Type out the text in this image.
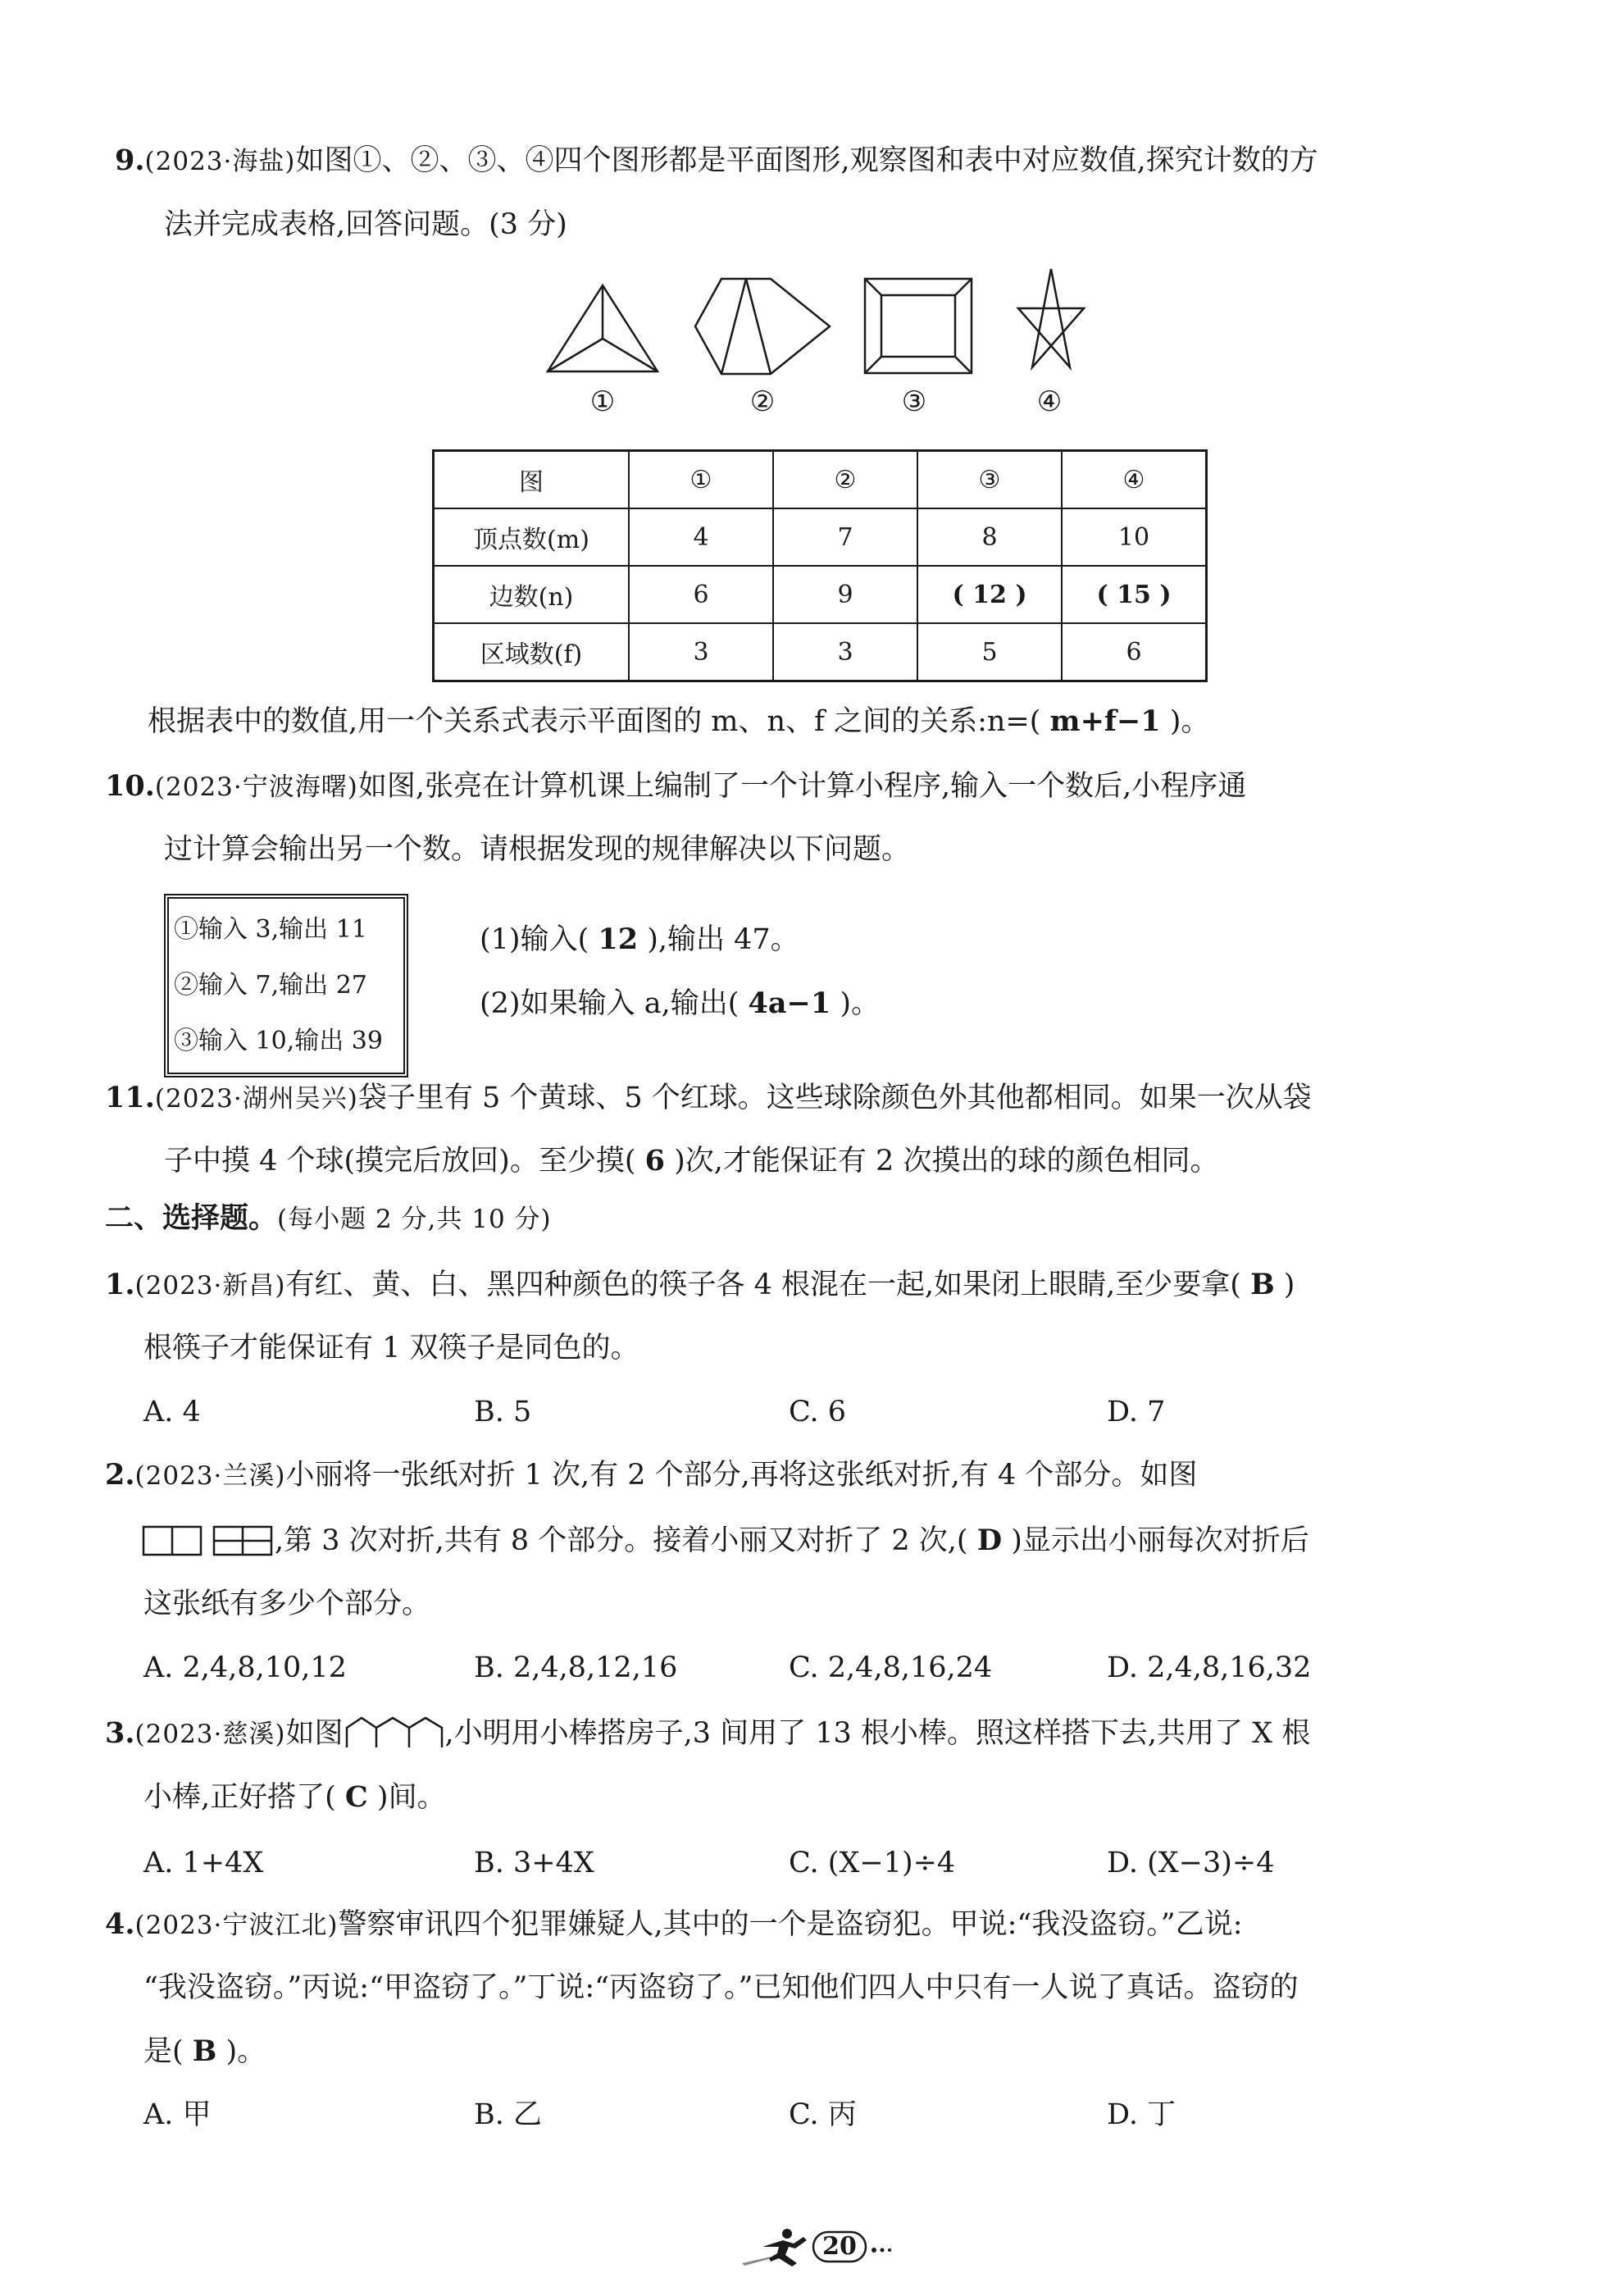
9.(2023·海盐)如图①、②、③、④四个图形都是平面图形,观察图和表中对应数值,探究计数的方
法并完成表格,回答问题。(3 分)
①	②	③	④
图	①	②	③	④
顶点数(m)	4	7	8	10
边数(n)	6	9	( 12 )	( 15 )
区域数(f)	3	3	5	6
根据表中的数值,用一个关系式表示平面图的 m、n、f 之间的关系:n=( m+f−1 )。
10.(2023·宁波海曙)如图,张亮在计算机课上编制了一个计算小程序,输入一个数后,小程序通
过计算会输出另一个数。请根据发现的规律解决以下问题。
①输入 3,输出 11
②输入 7,输出 27
③输入 10,输出 39
(1)输入( 12 ),输出 47。
(2)如果输入 a,输出( 4a−1 )。
11.(2023·湖州吴兴)袋子里有 5 个黄球、5 个红球。这些球除颜色外其他都相同。如果一次从袋
子中摸 4 个球(摸完后放回)。至少摸( 6 )次,才能保证有 2 次摸出的球的颜色相同。
二、选择题。(每小题 2 分,共 10 分)
1.(2023·新昌)有红、黄、白、黑四种颜色的筷子各 4 根混在一起,如果闭上眼睛,至少要拿( B )
根筷子才能保证有 1 双筷子是同色的。
A. 4	B. 5	C. 6	D. 7
2.(2023·兰溪)小丽将一张纸对折 1 次,有 2 个部分,再将这张纸对折,有 4 个部分。如图
,第 3 次对折,共有 8 个部分。接着小丽又对折了 2 次,( D )显示出小丽每次对折后
这张纸有多少个部分。
A. 2,4,8,10,12	B. 2,4,8,12,16	C. 2,4,8,16,24	D. 2,4,8,16,32
3.(2023·慈溪)如图	,小明用小棒搭房子,3 间用了 13 根小棒。照这样搭下去,共用了 X 根
小棒,正好搭了( C )间。
A. 1+4X	B. 3+4X	C. (X−1)÷4	D. (X−3)÷4
4.(2023·宁波江北)警察审讯四个犯罪嫌疑人,其中的一个是盗窃犯。甲说:“我没盗窃。”乙说:
“我没盗窃。”丙说:“甲盗窃了。”丁说:“丙盗窃了。”已知他们四人中只有一人说了真话。盗窃的
是( B )。
A. 甲	B. 乙	C. 丙	D. 丁
20
